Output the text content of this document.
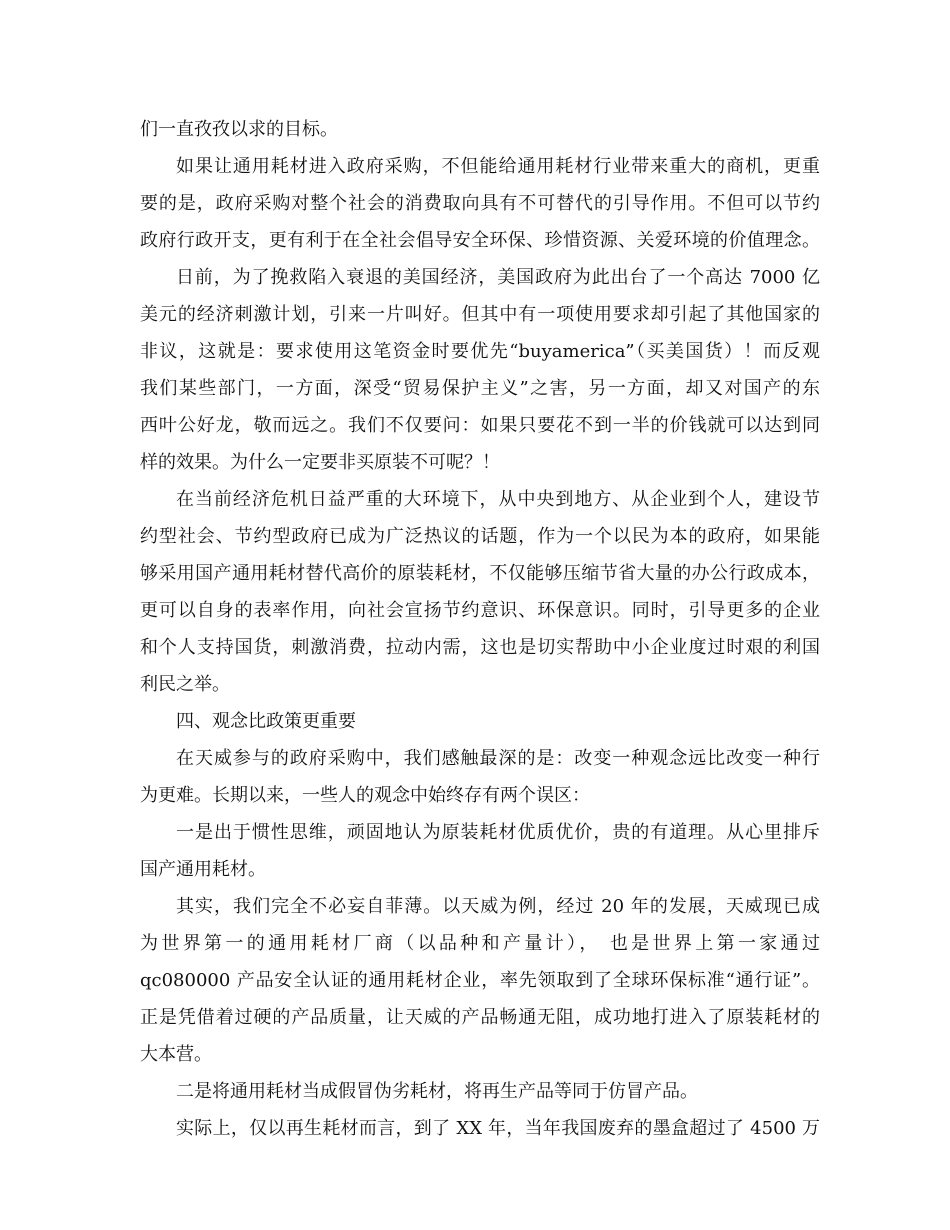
们一直孜孜以求的目标。
如果让通用耗材进入政府采购，不但能给通用耗材行业带来重大的商机，更重
要的是，政府采购对整个社会的消费取向具有不可替代的引导作用。不但可以节约
政府行政开支，更有利于在全社会倡导安全环保、珍惜资源、关爱环境的价值理念。
日前，为了挽救陷入衰退的美国经济，美国政府为此出台了一个高达 7000 亿
美元的经济刺激计划，引来一片叫好。但其中有一项使用要求却引起了其他国家的
非议，这就是：要求使用这笔资金时要优先“buyamerica”（买美国货）！而反观
我们某些部门，一方面，深受“贸易保护主义”之害，另一方面，却又对国产的东
西叶公好龙，敬而远之。我们不仅要问：如果只要花不到一半的价钱就可以达到同
样的效果。为什么一定要非买原装不可呢？！
在当前经济危机日益严重的大环境下，从中央到地方、从企业到个人，建设节
约型社会、节约型政府已成为广泛热议的话题，作为一个以民为本的政府，如果能
够采用国产通用耗材替代高价的原装耗材，不仅能够压缩节省大量的办公行政成本，
更可以自身的表率作用，向社会宣扬节约意识、环保意识。同时，引导更多的企业
和个人支持国货，刺激消费，拉动内需，这也是切实帮助中小企业度过时艰的利国
利民之举。
四、观念比政策更重要
在天威参与的政府采购中，我们感触最深的是：改变一种观念远比改变一种行
为更难。长期以来，一些人的观念中始终存有两个误区：
一是出于惯性思维，顽固地认为原装耗材优质优价，贵的有道理。从心里排斥
国产通用耗材。
其实，我们完全不必妄自菲薄。以天威为例，经过 20 年的发展，天威现已成
为世界第一的通用耗材厂商（以品种和产量计）， 也是世界上第一家通过
qc080000 产品安全认证的通用耗材企业，率先领取到了全球环保标准“通行证”。
正是凭借着过硬的产品质量，让天威的产品畅通无阻，成功地打进入了原装耗材的
大本营。
二是将通用耗材当成假冒伪劣耗材，将再生产品等同于仿冒产品。
实际上，仅以再生耗材而言，到了 XX 年，当年我国废弃的墨盒超过了 4500 万
